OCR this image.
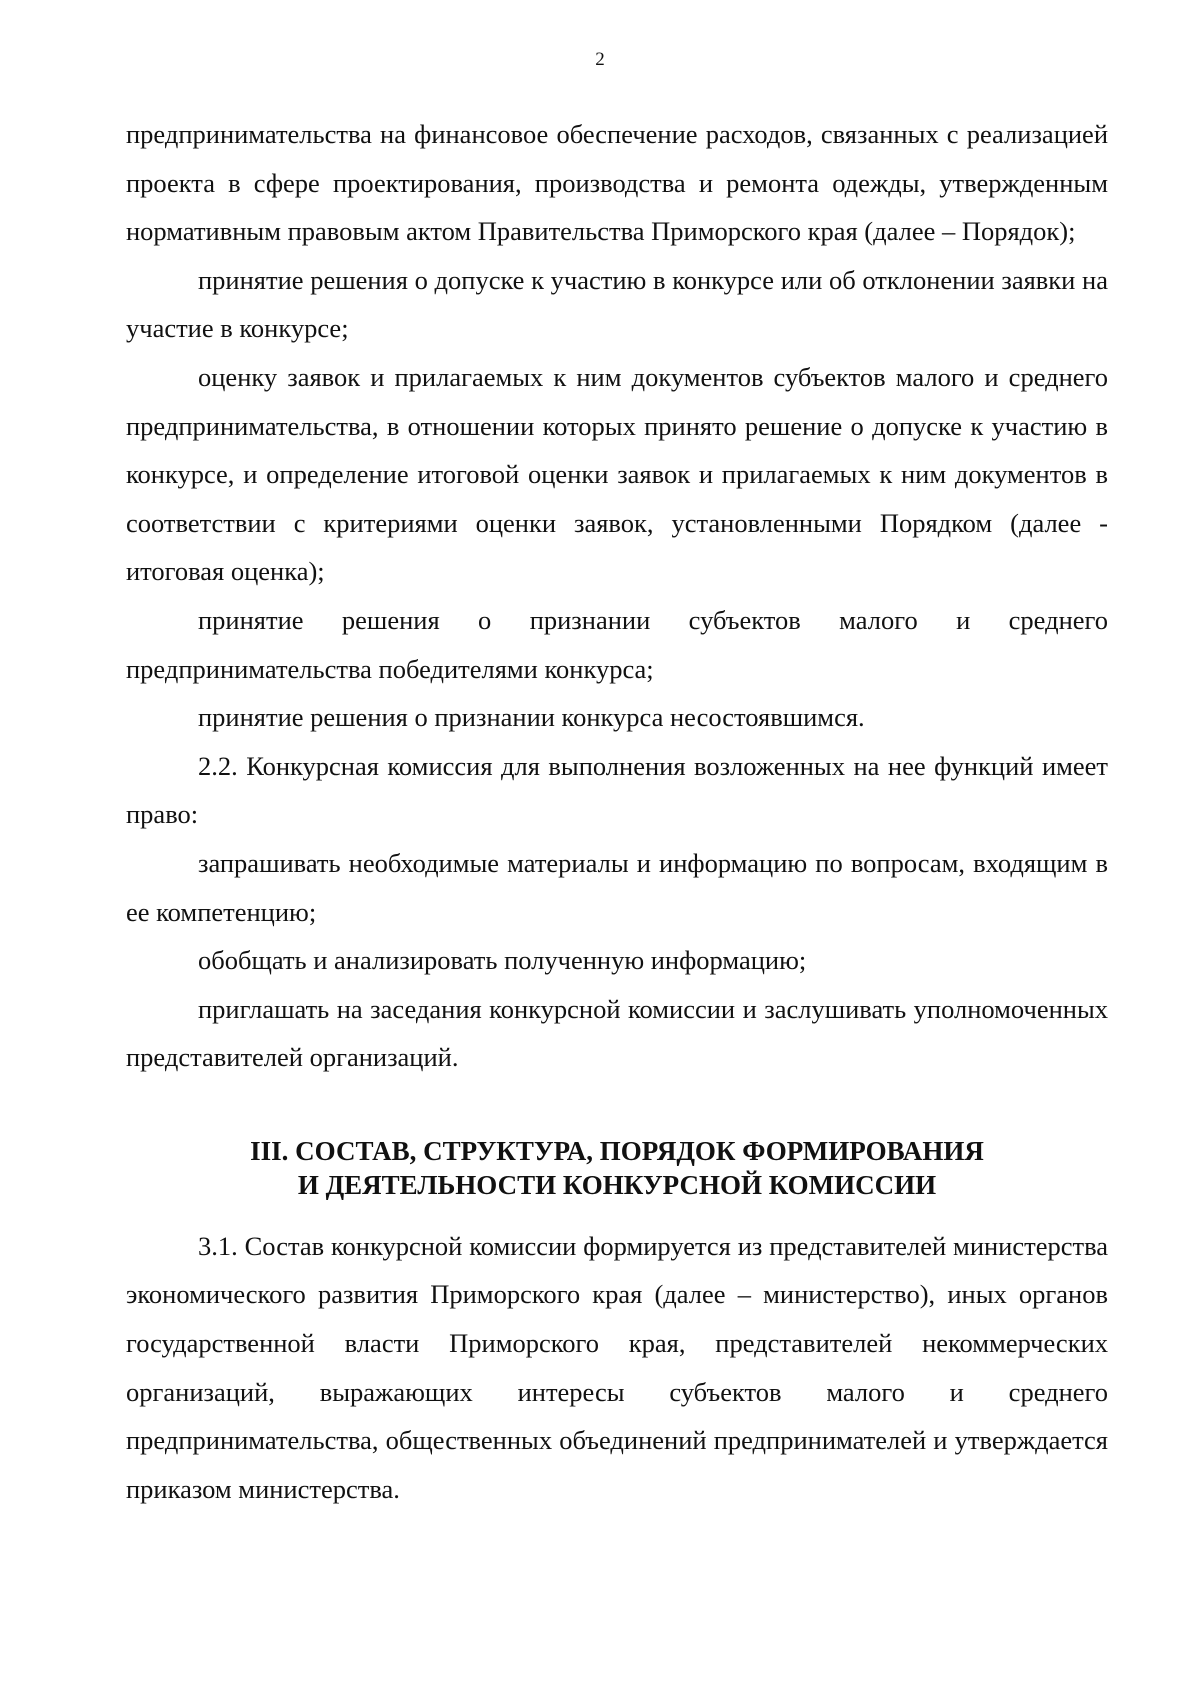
2

предпринимательства на финансовое обеспечение расходов, связанных с реализацией проекта в сфере проектирования, производства и ремонта одежды, утвержденным нормативным правовым актом Правительства Приморского края (далее – Порядок);

принятие решения о допуске к участию в конкурсе или об отклонении заявки на участие в конкурсе;

оценку заявок и прилагаемых к ним документов субъектов малого и среднего предпринимательства, в отношении которых принято решение о допуске к участию в конкурсе, и определение итоговой оценки заявок и прилагаемых к ним документов в соответствии с критериями оценки заявок, установленными Порядком (далее - итоговая оценка);

принятие решения о признании субъектов малого и среднего предпринимательства победителями конкурса;

принятие решения о признании конкурса несостоявшимся.

2.2. Конкурсная комиссия для выполнения возложенных на нее функций имеет право:

запрашивать необходимые материалы и информацию по вопросам, входящим в ее компетенцию;

обобщать и анализировать полученную информацию;

приглашать на заседания конкурсной комиссии и заслушивать уполномоченных представителей организаций.

III. СОСТАВ, СТРУКТУРА, ПОРЯДОК ФОРМИРОВАНИЯ
И ДЕЯТЕЛЬНОСТИ КОНКУРСНОЙ КОМИССИИ

3.1. Состав конкурсной комиссии формируется из представителей министерства экономического развития Приморского края (далее – министерство), иных органов государственной власти Приморского края, представителей некоммерческих организаций, выражающих интересы субъектов малого и среднего предпринимательства, общественных объединений предпринимателей и утверждается приказом министерства.
